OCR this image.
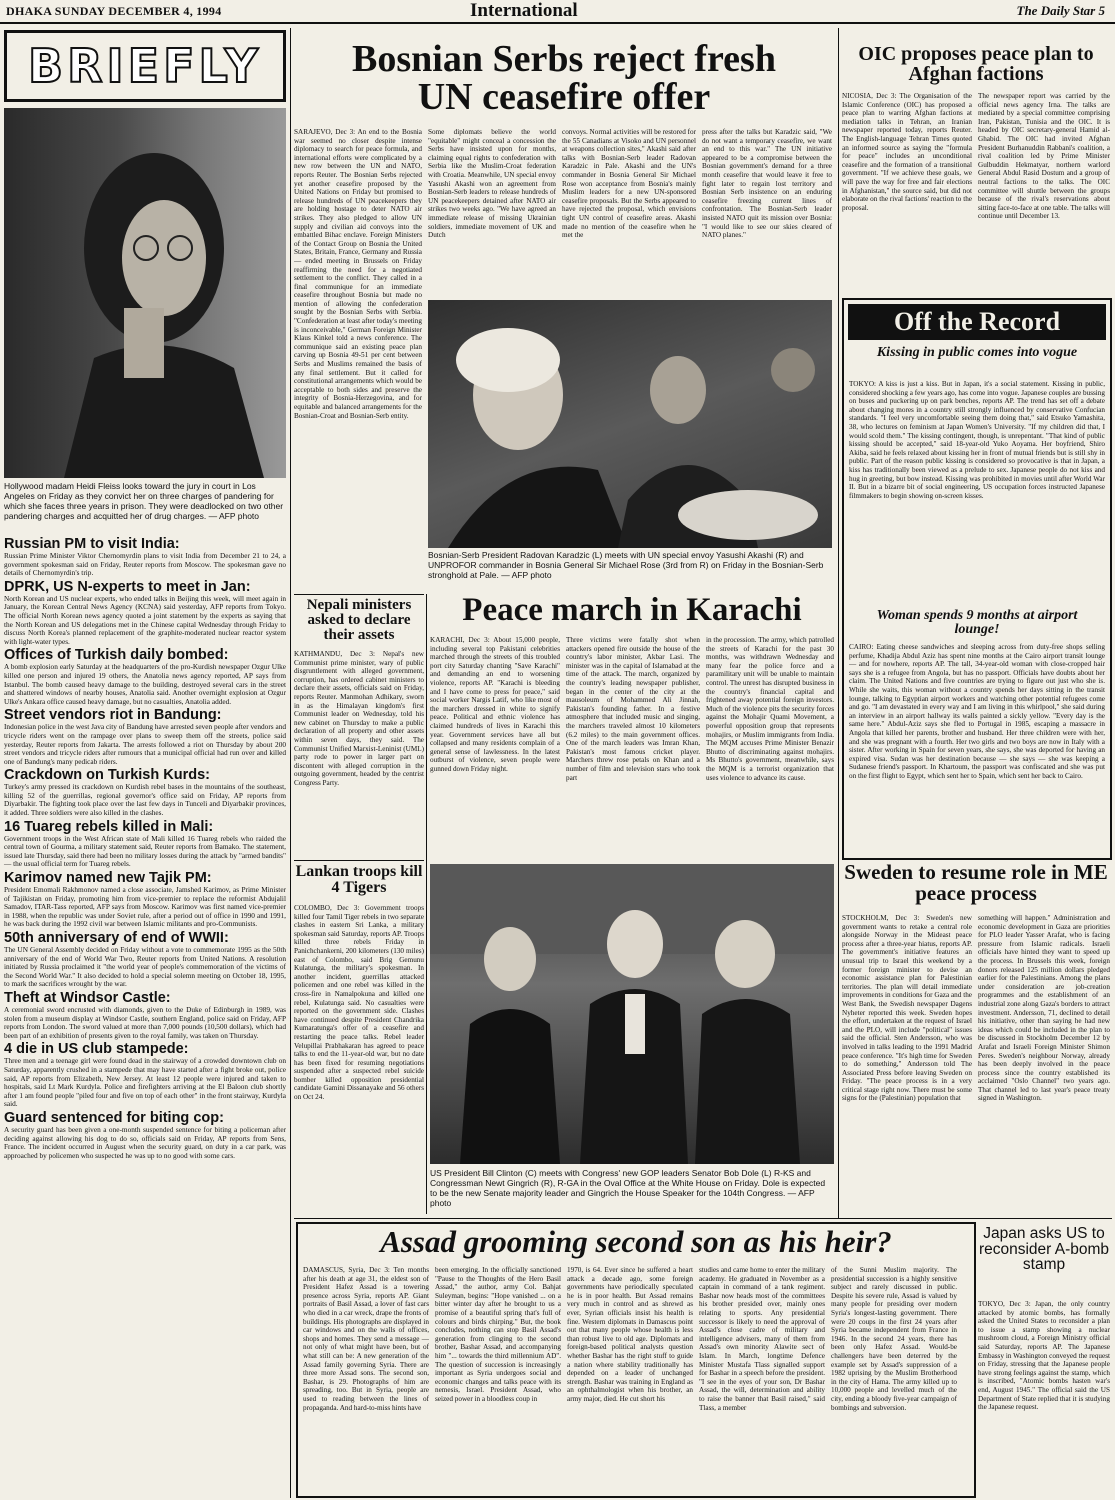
DHAKA SUNDAY DECEMBER 4, 1994	International	The Daily Star 5
BRIEFLY
Hollywood madam Heidi Fleiss looks toward the jury in court in Los Angeles on Friday as they convict her on three charges of pandering for which she faces three years in prison. They were deadlocked on two other pandering charges and acquitted her of drug charges. — AFP photo
Russian PM to visit India:

Russian Prime Minister Viktor Chernomyrdin plans to visit India from December 21 to 24, a government spokesman said on Friday, Reuter reports from Moscow. The spokesman gave no details of Chernomyrdin's trip.

DPRK, US N-experts to meet in Jan:

North Korean and US nuclear experts, who ended talks in Beijing this week, will meet again in January, the Korean Central News Agency (KCNA) said yesterday, AFP reports from Tokyo. The official North Korean news agency quoted a joint statement by the experts as saying that the North Korean and US delegations met in the Chinese capital Wednesday through Friday to discuss North Korea's planned replacement of the graphite-moderated nuclear reactor system with light-water types.

Offices of Turkish daily bombed:

A bomb explosion early Saturday at the headquarters of the pro-Kurdish newspaper Ozgur Ulke killed one person and injured 19 others, the Anatolia news agency reported, AP says from Istanbul. The bomb caused heavy damage to the building, destroyed several cars in the street and shattered windows of nearby houses, Anatolia said. Another overnight explosion at Ozgur Ulke's Ankara office caused heavy damage, but no casualties, Anatolia added.

Street vendors riot in Bandung:

Indonesian police in the west Java city of Bandung have arrested seven people after vendors and tricycle riders went on the rampage over plans to sweep them off the streets, police said yesterday, Reuter reports from Jakarta. The arrests followed a riot on Thursday by about 200 street vendors and tricycle riders after rumours that a municipal official had run over and killed one of Bandung's many pedicab riders.

Crackdown on Turkish Kurds:

Turkey's army pressed its crackdown on Kurdish rebel bases in the mountains of the southeast, killing 52 of the guerrillas, regional governor's office said on Friday, AP reports from Diyarbakir. The fighting took place over the last few days in Tunceli and Diyarbakir provinces, it added. Three soldiers were also killed in the clashes.

16 Tuareg rebels killed in Mali:

Government troops in the West African state of Mali killed 16 Tuareg rebels who raided the central town of Gourma, a military statement said, Reuter reports from Bamako. The statement, issued late Thursday, said there had been no military losses during the attack by "armed bandits" — the usual official term for Tuareg rebels.

Karimov named new Tajik PM:

President Emomali Rakhmonov named a close associate, Jamshed Karimov, as Prime Minister of Tajikistan on Friday, promoting him from vice-premier to replace the reformist Abdujalil Samadov, ITAR-Tass reported, AFP says from Moscow. Karimov was first named vice-premier in 1988, when the republic was under Soviet rule, after a period out of office in 1990 and 1991, he was back during the 1992 civil war between Islamic militants and pro-Communists.

50th anniversary of end of WWII:

The UN General Assembly decided on Friday without a vote to commemorate 1995 as the 50th anniversary of the end of World War Two, Reuter reports from United Nations. A resolution initiated by Russia proclaimed it "the world year of people's commemoration of the victims of the Second World War." It also decided to hold a special solemn meeting on October 18, 1995, to mark the sacrifices wrought by the war.

Theft at Windsor Castle:

A ceremonial sword encrusted with diamonds, given to the Duke of Edinburgh in 1989, was stolen from a museum display at Windsor Castle, southern England, police said on Friday, AFP reports from London. The sword valued at more than 7,000 pounds (10,500 dollars), which had been part of an exhibition of presents given to the royal family, was taken on Thursday.

4 die in US club stampede:

Three men and a teenage girl were found dead in the stairway of a crowded downtown club on Saturday, apparently crushed in a stampede that may have started after a fight broke out, police said, AP reports from Elizabeth, New Jersey. At least 12 people were injured and taken to hospitals, said Lt Mark Kurdyla. Police and firefighters arriving at the El Baloon club shortly after 1 am found people "piled four and five on top of each other" in the front stairway, Kurdyla said.

Guard sentenced for biting cop:

A security guard has been given a one-month suspended sentence for biting a policeman after deciding against allowing his dog to do so, officials said on Friday, AP reports from Sens, France. The incident occurred in August when the security guard, on duty in a car park, was approached by policemen who suspected he was up to no good with some cars.

Bosnian Serbs reject fresh
UN ceasefire offer
SARAJEVO, Dec 3: An end to the Bosnia war seemed no closer despite intense diplomacy to search for peace formula, and international efforts were complicated by a new row between the UN and NATO, reports Reuter. The Bosnian Serbs rejected yet another ceasefire proposed by the United Nations on Friday but promised to release hundreds of UN peacekeepers they are holding hostage to deter NATO air strikes. They also pledged to allow UN supply and civilian aid convoys into the embattled Bihac enclave. Foreign Ministers of the Contact Group on Bosnia the United States, Britain, France, Germany and Russia — ended meeting in Brussels on Friday reaffirming the need for a negotiated settlement to the conflict. They called in a final communique for an immediate ceasefire throughout Bosnia but made no mention of allowing the confederation sought by the Bosnian Serbs with Serbia. "Confederation at least after today's meeting is inconceivable," German Foreign Minister Klaus Kinkel told a news conference. The communique said an existing peace plan carving up Bosnia 49-51 per cent between Serbs and Muslims remained the basis of any final settlement. But it called for constitutional arrangements which would be acceptable to both sides and preserve the integrity of Bosnia-Herzegovina, and for equitable and balanced arrangements for the Bosnian-Croat and Bosnian-Serb entity.
Some diplomats believe the world "equitable" might conceal a concession the Serbs have insisted upon for months, claiming equal rights to confederation with Serbia like the Muslim-Croat federation with Croatia. Meanwhile, UN special envoy Yasushi Akashi won an agreement from Bosnian-Serb leaders to release hundreds of UN peacekeepers detained after NATO air strikes two weeks ago. "We have agreed an immediate release of missing Ukrainian soldiers, immediate movement of UK and Dutch
convoys. Normal activities will be restored for the 55 Canadians at Visoko and UN personnel at weapons collection sites," Akashi said after talks with Bosnian-Serb leader Radovan Karadzic in Pale. Akashi and the UN's commander in Bosnia General Sir Michael Rose won acceptance from Bosnia's mainly Muslim leaders for a new UN-sponsored ceasefire proposals. But the Serbs appeared to have rejected the proposal, which envisions tight UN control of ceasefire areas. Akashi made no mention of the ceasefire when he met the
press after the talks but Karadzic said, "We do not want a temporary ceasefire, we want an end to this war." The UN initiative appeared to be a compromise between the Bosnian government's demand for a three month ceasefire that would leave it free to fight later to regain lost territory and Bosnian Serb insistence on an enduring ceasefire freezing current lines of confrontation. The Bosnian-Serb leader insisted NATO quit its mission over Bosnia: "I would like to see our skies cleared of NATO planes."
Bosnian-Serb President Radovan Karadzic (L) meets with UN special envoy Yasushi Akashi (R) and UNPROFOR commander in Bosnia General Sir Michael Rose (3rd from R) on Friday in the Bosnian-Serb stronghold at Pale. — AFP photo
OIC proposes peace plan to Afghan factions
NICOSIA, Dec 3: The Organisation of the Islamic Conference (OIC) has proposed a peace plan to warring Afghan factions at mediation talks in Tehran, an Iranian newspaper reported today, reports Reuter. The English-language Tehran Times quoted an informed source as saying the "formula for peace" includes an unconditional ceasefire and the formation of a transitional government. "If we achieve these goals, we will pave the way for free and fair elections in Afghanistan," the source said, but did not elaborate on the rival factions' reaction to the proposal.
The newspaper report was carried by the official news agency Irna. The talks are mediated by a special committee comprising Iran, Pakistan, Tunisia and the OIC. It is headed by OIC secretary-general Hamid al-Ghabid. The OIC had invited Afghan President Burhanuddin Rabbani's coalition, a rival coalition led by Prime Minister Gulbuddin Hekmatyar, northern warlord General Abdul Rasid Dostum and a group of neutral factions to the talks. The OIC committee will shuttle between the groups because of the rival's reservations about sitting face-to-face at one table. The talks will continue until December 13.
Off the Record
Kissing in public comes into vogue
TOKYO: A kiss is just a kiss. But in Japan, it's a social statement. Kissing in public, considered shocking a few years ago, has come into vogue. Japanese couples are bussing on buses and puckering up on park benches, reports AP. The trend has set off a debate about changing mores in a country still strongly influenced by conservative Confucian standards. "I feel very uncomfortable seeing them doing that," said Etsuko Yamashita, 38, who lectures on feminism at Japan Women's University. "If my children did that, I would scold them." The kissing contingent, though, is unrepentant. "That kind of public kissing should be accepted," said 18-year-old Yuko Aoyama. Her boyfriend, Shiro Akiba, said he feels relaxed about kissing her in front of mutual friends but is still shy in public. Part of the reason public kissing is considered so provocative is that in Japan, a kiss has traditionally been viewed as a prelude to sex. Japanese people do not kiss and hug in greeting, but bow instead. Kissing was prohibited in movies until after World War II. But in a bizarre bit of social engineering, US occupation forces instructed Japanese filmmakers to begin showing on-screen kisses.
Woman spends 9 months at airport lounge!
CAIRO: Eating cheese sandwiches and sleeping across from duty-free shops selling perfume, Khadija Abdul Aziz has spent nine months at the Cairo airport transit lounge — and for nowhere, reports AP. The tall, 34-year-old woman with close-cropped hair says she is a refugee from Angola, but has no passport. Officials have doubts about her claim. The United Nations and five countries are trying to figure out just who she is. While she waits, this woman without a country spends her days sitting in the transit lounge, talking to Egyptian airport workers and watching other potential refugees come and go. "I am devastated in every way and I am living in this whirlpool," she said during an interview in an airport hallway its walls painted a sickly yellow. "Every day is the same here." Abdul-Aziz says she fled to Portugal in 1985, escaping a massacre in Angola that killed her parents, brother and husband. Her three children were with her, and she was pregnant with a fourth. Her two girls and two boys are now in Italy with a sister. After working in Spain for seven years, she says, she was deported for having an expired visa. Sudan was her destination because — she says — she was keeping a Sudanese friend's passport. In Khartoum, the passport was confiscated and she was put on the first flight to Egypt, which sent her to Spain, which sent her back to Cairo.
Nepali ministers asked to declare their assets
KATHMANDU, Dec 3: Nepal's new Communist prime minister, wary of public disgruntlement with alleged government, corruption, has ordered cabinet ministers to declare their assets, officials said on Friday, reports Reuter. Manmohan Adhikary, sworn in as the Himalayan kingdom's first Communist leader on Wednesday, told his new cabinet on Thursday to make a public declaration of all property and other assets within seven days, they said. The Communist Unified Marxist-Leninist (UML) party rode to power in larger part on discontent with alleged corruption in the outgoing government, headed by the centrist Congress Party.
Peace march in Karachi
KARACHI, Dec 3: About 15,000 people, including several top Pakistani celebrities marched through the streets of this troubled port city Saturday chanting "Save Karachi" and demanding an end to worsening violence, reports AP. "Karachi is bleeding and I have come to press for peace," said social worker Nargis Latif, who like most of the marchers dressed in white to signify peace. Political and ethnic violence has claimed hundreds of lives in Karachi this year. Government services have all but collapsed and many residents complain of a general sense of lawlessness. In the latest outburst of violence, seven people were gunned down Friday night.
Three victims were fatally shot when attackers opened fire outside the house of the country's labor minister, Akbar Lasi. The minister was in the capital of Islamabad at the time of the attack. The march, organized by the country's leading newspaper publisher, began in the center of the city at the mausoleum of Mohammed Ali Jinnah, Pakistan's founding father. In a festive atmosphere that included music and singing, the marchers traveled almost 10 kilometers (6.2 miles) to the main government offices. One of the march leaders was Imran Khan, Pakistan's most famous cricket player. Marchers threw rose petals on Khan and a number of film and television stars who took part
in the procession. The army, which patrolled the streets of Karachi for the past 30 months, was withdrawn Wednesday and many fear the police force and a paramilitary unit will be unable to maintain control. The unrest has disrupted business in the country's financial capital and frightened away potential foreign investors. Much of the violence pits the security forces against the Mohajir Quami Movement, a powerful opposition group that represents mohajirs, or Muslim immigrants from India. The MQM accuses Prime Minister Benazir Bhutto of discriminating against mohajirs. Ms Bhutto's government, meanwhile, says the MQM is a terrorist organization that uses violence to advance its cause.
Lankan troops kill 4 Tigers
COLOMBO, Dec 3: Government troops killed four Tamil Tiger rebels in two separate clashes in eastern Sri Lanka, a military spokesman said Saturday, reports AP. Troops killed three rebels Friday in Panichchankerni, 200 kilometers (130 miles) east of Colombo, said Brig Gemunu Kulatunga, the military's spokesman. In another incident, guerrillas attacked policemen and one rebel was killed in the cross-fire in Namalpokuna and killed one rebel, Kulatunga said. No casualties were reported on the government side. Clashes have continued despite President Chandrika Kumaratunga's offer of a ceasefire and restarting the peace talks. Rebel leader Velupillai Prabhakaran has agreed to peace talks to end the 11-year-old war, but no date has been fixed for resuming negotiations suspended after a suspected rebel suicide bomber killed opposition presidential candidate Gamini Dissanayake and 56 others on Oct 24.
US President Bill Clinton (C) meets with Congress' new GOP leaders Senator Bob Dole (L) R-KS and Congressman Newt Gingrich (R), R-GA in the Oval Office at the White House on Friday. Dole is expected to be the new Senate majority leader and Gingrich the House Speaker for the 104th Congress. — AFP photo
Sweden to resume role in ME peace process
STOCKHOLM, Dec 3: Sweden's new government wants to retake a central role alongside Norway in the Mideast peace process after a three-year hiatus, reports AP. The government's initiative features an unusual trip to Israel this weekend by a former foreign minister to devise an economic assistance plan for Palestinian territories. The plan will detail immediate improvements in conditions for Gaza and the West Bank, the Swedish newspaper Dagens Nyheter reported this week. Sweden hopes the effort, undertaken at the request of Israel and the PLO, will include "political" issues said the official. Sten Andersson, who was involved in talks leading to the 1991 Madrid peace conference. "It's high time for Sweden to do something," Andersson told The Associated Press before leaving Sweden on Friday. "The peace process is in a very critical stage right now. There must be some signs for the (Palestinian) population that
something will happen." Administration and economic development in Gaza are priorities for PLO leader Yasser Arafat, who is facing pressure from Islamic radicals. Israeli officials have hinted they want to speed up the process. In Brussels this week, foreign donors released 125 million dollars pledged earlier for the Palestinians. Among the plans under consideration are job-creation programmes and the establishment of an industrial zone along Gaza's borders to attract investment. Andersson, 71, declined to detail his initiative, other than saying he had new ideas which could be included in the plan to be discussed in Stockholm December 12 by Arafat and Israeli Foreign Minister Shimon Peres. Sweden's neighbour Norway, already has been deeply involved in the peace process since the country established its acclaimed "Oslo Channel" two years ago. That channel led to last year's peace treaty signed in Washington.
Assad grooming second son as his heir?
DAMASCUS, Syria, Dec 3: Ten months after his death at age 31, the eldest son of President Hafez Assad is a towering presence across Syria, reports AP. Giant portraits of Basil Assad, a lover of fast cars who died in a car wreck, drape the fronts of buildings. His photographs are displayed in car windows and on the walls of offices, shops and homes. They send a message — not only of what might have been, but of what still can be: A new generation of the Assad family governing Syria. There are three more Assad sons. The second son, Bashar, is 29. Photographs of him are spreading, too. But in Syria, people are used to reading between the lines of propaganda. And hard-to-miss hints have
been emerging. In the officially sanctioned "Pause to the Thoughts of the Hero Basil Assad," the author, army Col. Bahjat Suleyman, begins: "Hope vanished ... on a bitter winter day after he brought to us a promise of a beautiful spring that's full of colours and birds chirping." But, the book concludes, nothing can stop Basil Assad's generation from clinging to the second brother, Bashar Assad, and accompanying him "... towards the third millennium AD". The question of succession is increasingly important as Syria undergoes social and economic changes and talks peace with its nemesis, Israel. President Assad, who seized power in a bloodless coup in
1970, is 64. Ever since he suffered a heart attack a decade ago, some foreign governments have periodically speculated he is in poor health. But Assad remains very much in control and as shrewd as ever, Syrian officials insist his health is fine. Western diplomats in Damascus point out that many people whose health is less than robust live to old age. Diplomats and foreign-based political analysts question whether Bashar has the right stuff to guide a nation where stability traditionally has depended on a leader of unchanged strength. Bashar was training in England as an ophthalmologist when his brother, an army major, died. He cut short his
studies and came home to enter the military academy. He graduated in November as a captain in command of a tank regiment. Bashar now heads most of the committees his brother presided over, mainly ones relating to sports. Any presidential successor is likely to need the approval of Assad's close cadre of military and intelligence advisers, many of them from Assad's own minority Alawite sect of Islam. In March, longtime Defence Minister Mustafa Tlass signalled support for Bashar in a speech before the president. "I see in the eyes of your son, Dr Bashar Assad, the will, determination and ability to raise the banner that Basil raised," said Tlass, a member
of the Sunni Muslim majority. The presidential succession is a highly sensitive subject and rarely discussed in public. Despite his severe rule, Assad is valued by many people for presiding over modern Syria's longest-lasting government. There were 20 coups in the first 24 years after Syria became independent from France in 1946. In the second 24 years, there has been only Hafez Assad. Would-be challengers have been deterred by the example set by Assad's suppression of a 1982 uprising by the Muslim Brotherhood in the city of Hama. The army killed up to 10,000 people and levelled much of the city, ending a bloody five-year campaign of bombings and subversion.
Japan asks US to reconsider A-bomb stamp
TOKYO, Dec 3: Japan, the only country attacked by atomic bombs, has formally asked the United States to reconsider a plan to issue a stamp showing a nuclear mushroom cloud, a Foreign Ministry official said Saturday, reports AP. The Japanese Embassy in Washington conveyed the request on Friday, stressing that the Japanese people have strong feelings against the stamp, which is inscribed, "Atomic bombs hasten war's end, August 1945." The official said the US Department of State replied that it is studying the Japanese request.
